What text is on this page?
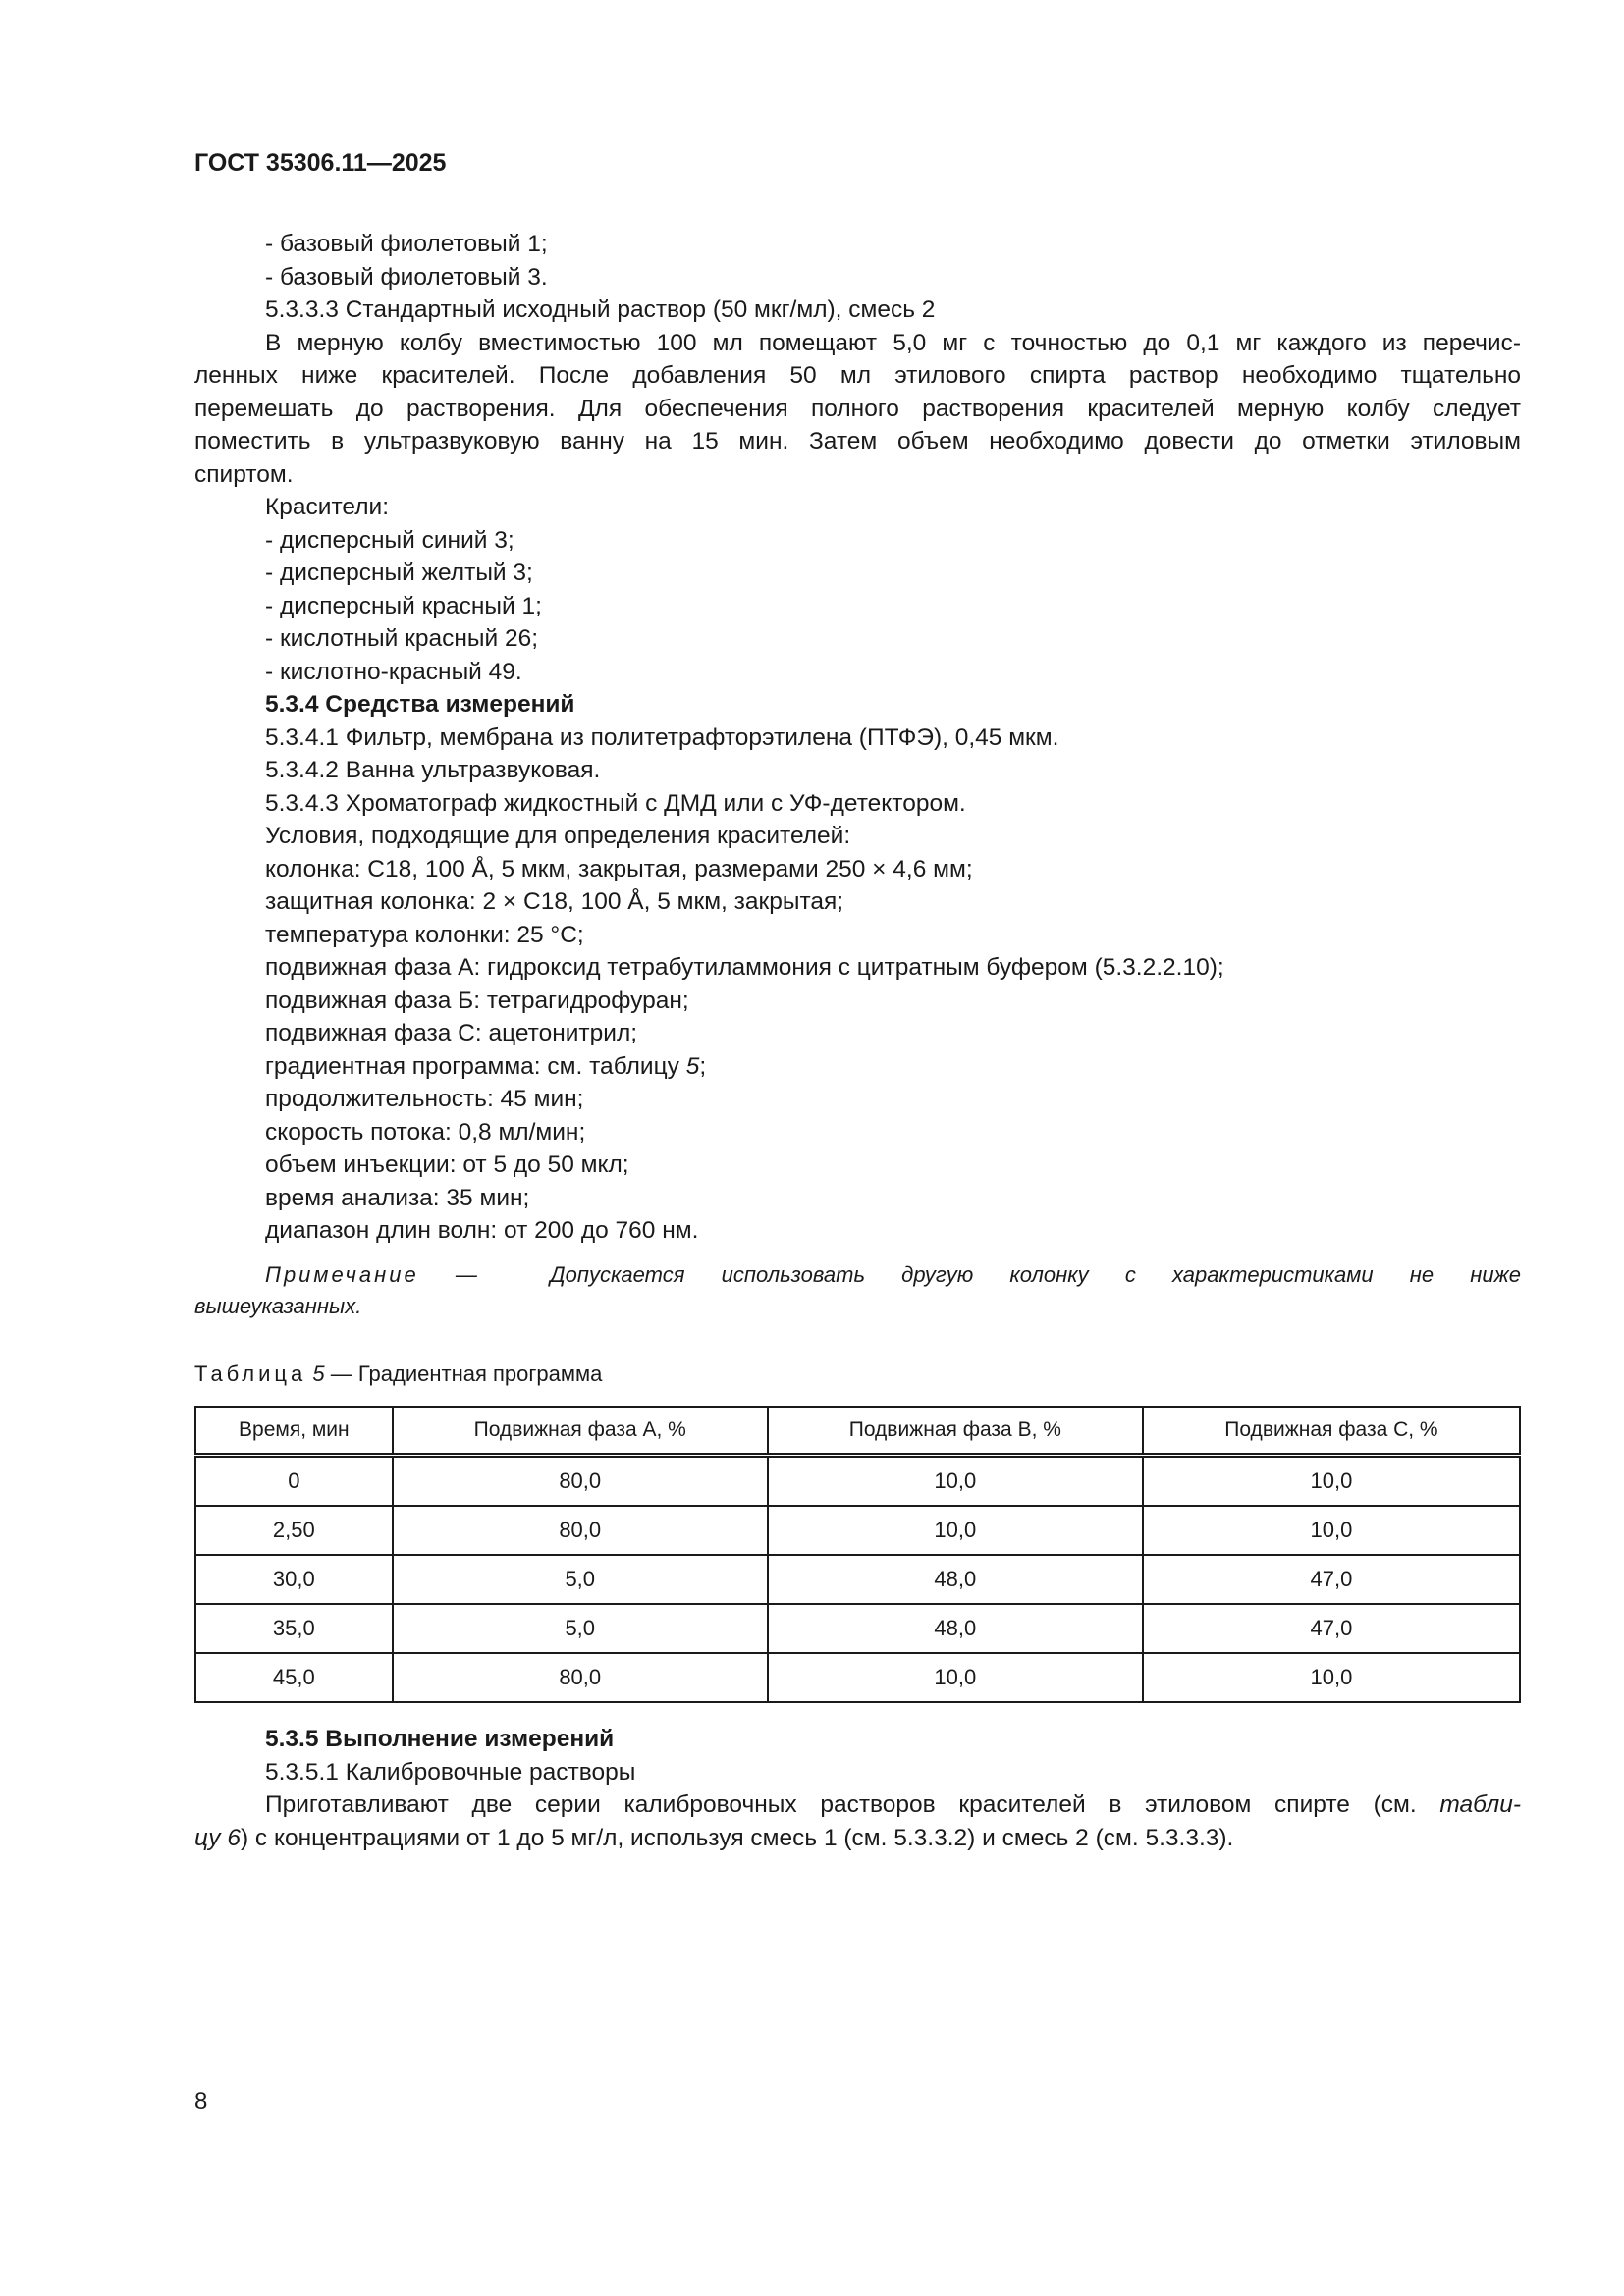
ГОСТ 35306.11—2025
- базовый фиолетовый 1;
- базовый фиолетовый 3.
5.3.3.3 Стандартный исходный раствор (50 мкг/мл), смесь 2
В мерную колбу вместимостью 100 мл помещают 5,0 мг с точностью до 0,1 мг каждого из перечис-
ленных ниже красителей. После добавления 50 мл этилового спирта раствор необходимо тщательно
перемешать до растворения. Для обеспечения полного растворения красителей мерную колбу следует
поместить в ультразвуковую ванну на 15 мин. Затем объем необходимо довести до отметки этиловым
спиртом.
Красители:
- дисперсный синий 3;
- дисперсный желтый 3;
- дисперсный красный 1;
- кислотный красный 26;
- кислотно-красный 49.
5.3.4 Средства измерений
5.3.4.1 Фильтр, мембрана из политетрафторэтилена (ПТФЭ), 0,45 мкм.
5.3.4.2 Ванна ультразвуковая.
5.3.4.3 Хроматограф жидкостный с ДМД или с УФ-детектором.
Условия, подходящие для определения красителей:
колонка: С18, 100 Å, 5 мкм, закрытая, размерами 250 × 4,6 мм;
защитная колонка: 2 × С18, 100 Å, 5 мкм, закрытая;
температура колонки: 25 °С;
подвижная фаза А: гидроксид тетрабутиламмония с цитратным буфером (5.3.2.2.10);
подвижная фаза Б: тетрагидрофуран;
подвижная фаза С: ацетонитрил;
градиентная программа: см. таблицу 5;
продолжительность: 45 мин;
скорость потока: 0,8 мл/мин;
объем инъекции: от 5 до 50 мкл;
время анализа: 35 мин;
диапазон длин волн: от 200 до 760 нм.
Примечание —  Допускается использовать другую колонку с характеристиками не ниже
вышеуказанных.
Таблица 5 — Градиентная программа
Время, мин	Подвижная фаза А, %	Подвижная фаза В, %	Подвижная фаза С, %
0	80,0	10,0	10,0
2,50	80,0	10,0	10,0
30,0	5,0	48,0	47,0
35,0	5,0	48,0	47,0
45,0	80,0	10,0	10,0
5.3.5 Выполнение измерений
5.3.5.1 Калибровочные растворы
Приготавливают две серии калибровочных растворов красителей в этиловом спирте (см. табли-
цу 6) с концентрациями от 1 до 5 мг/л, используя смесь 1 (см. 5.3.3.2) и смесь 2 (см. 5.3.3.3).
8
